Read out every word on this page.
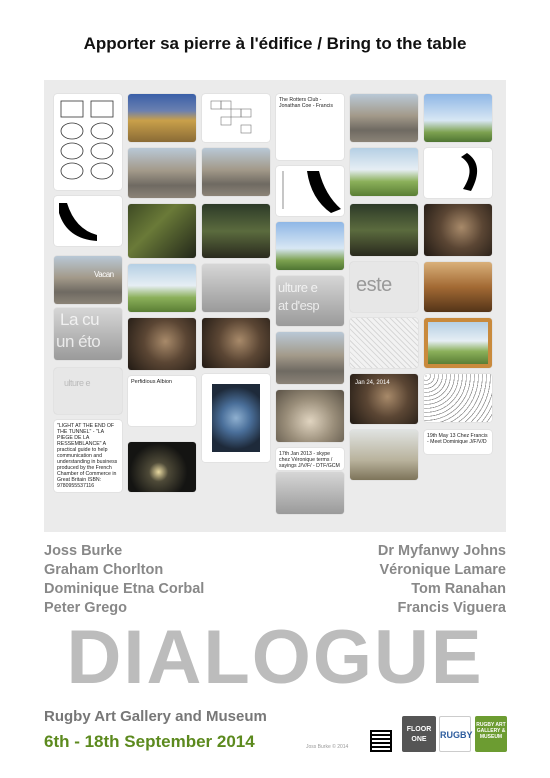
Apporter sa pierre à l'édifice / Bring to the table
Vacan
La cu
un éto
ulture e
"LIGHT AT THE END OF THE TUNNEL" - "LA PIEGE DE LA RESSEMBLANCE" A practical guide to help communication and understanding in business produced by the French Chamber of Commerce in Great Britain ISBN: 9780955537116
Perfidious Albion
The Rotters Club - Jonathan Coe - Francis
ulture e
at d'esp
17th Jan 2013 - skype chez Véronique terms / sayings J/V/F/ - DTF/GCM
este
Jan 24, 2014
19th May 13 Chez Francis - Meet Dominique J/F/V/D
Joss Burke
Graham Chorlton
Dominique Etna Corbal
Peter Grego
Dr Myfanwy Johns
Véronique Lamare
Tom Ranahan
Francis Viguera
DIALOGUE
Rugby Art Gallery and Museum
6th - 18th September 2014	Joss Burke © 2014
FLOOR ONE	RUGBY
RUGBY ART GALLERY & MUSEUM
